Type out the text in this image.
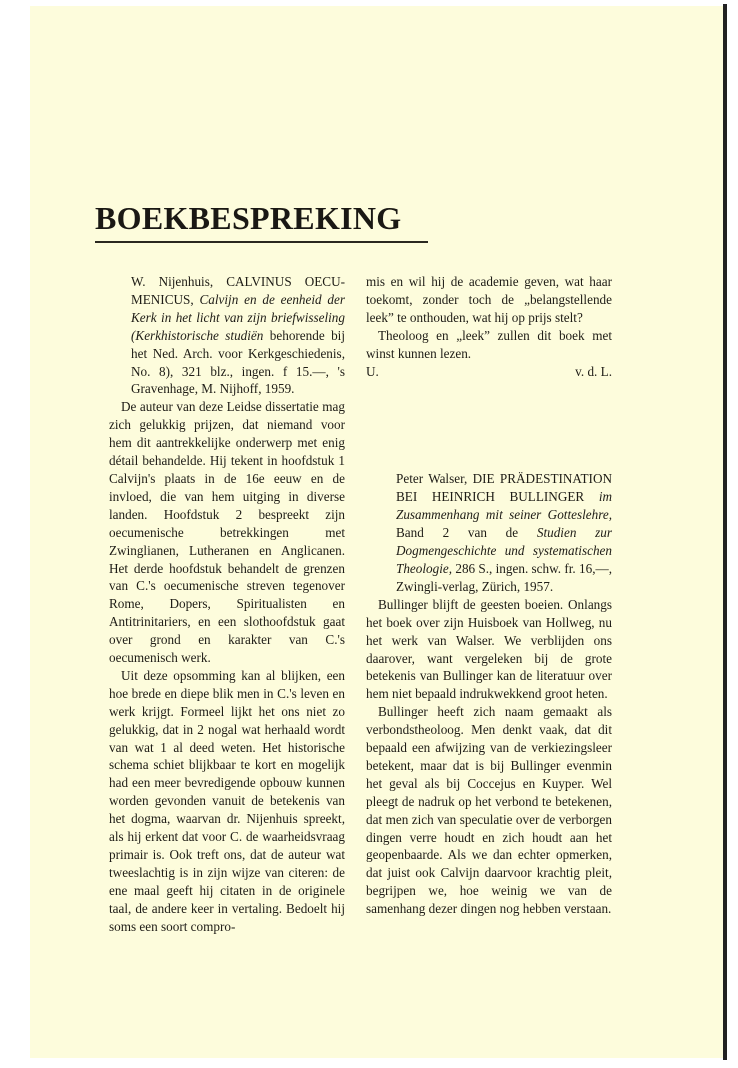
BOEKBESPREKING

W. Nijenhuis, CALVINUS OECU-MENICUS, Calvijn en de eenheid der Kerk in het licht van zijn briefwisseling (Kerkhistorische studiën behorende bij het Ned. Arch. voor Kerkgeschiedenis, No. 8), 321 blz., ingen. f 15.—, 's Gravenhage, M. Nijhoff, 1959.

De auteur van deze Leidse dissertatie mag zich gelukkig prijzen, dat niemand voor hem dit aantrekkelijke onderwerp met enig détail behandelde. Hij tekent in hoofdstuk 1 Calvijn's plaats in de 16e eeuw en de invloed, die van hem uitging in diverse landen. Hoofdstuk 2 bespreekt zijn oecumenische betrekkingen met Zwinglianen, Lutheranen en Anglicanen. Het derde hoofdstuk behandelt de grenzen van C.'s oecumenische streven tegenover Rome, Dopers, Spiritualisten en Antitrinitariers, en een slothoofdstuk gaat over grond en karakter van C.'s oecumenisch werk.

Uit deze opsomming kan al blijken, een hoe brede en diepe blik men in C.'s leven en werk krijgt. Formeel lijkt het ons niet zo gelukkig, dat in 2 nogal wat herhaald wordt van wat 1 al deed weten. Het historische schema schiet blijkbaar te kort en mogelijk had een meer bevredigende opbouw kunnen worden gevonden vanuit de betekenis van het dogma, waarvan dr. Nijenhuis spreekt, als hij erkent dat voor C. de waarheidsvraag primair is. Ook treft ons, dat de auteur wat tweeslachtig is in zijn wijze van citeren: de ene maal geeft hij citaten in de originele taal, de andere keer in vertaling. Bedoelt hij soms een soort compro-

mis en wil hij de academie geven, wat haar toekomt, zonder toch de „belangstellende leek” te onthouden, wat hij op prijs stelt?

Theoloog en „leek” zullen dit boek met winst kunnen lezen.

U.	v. d. L.

Peter Walser, DIE PRÄDESTINATION BEI HEINRICH BULLINGER im Zusammenhang mit seiner Gotteslehre, Band 2 van de Studien zur Dogmengeschichte und systematischen Theologie, 286 S., ingen. schw. fr. 16,—, Zwingli-verlag, Zürich, 1957.

Bullinger blijft de geesten boeien. Onlangs het boek over zijn Huisboek van Hollweg, nu het werk van Walser. We verblijden ons daarover, want vergeleken bij de grote betekenis van Bullinger kan de literatuur over hem niet bepaald indrukwekkend groot heten.

Bullinger heeft zich naam gemaakt als verbondstheoloog. Men denkt vaak, dat dit bepaald een afwijzing van de verkiezingsleer betekent, maar dat is bij Bullinger evenmin het geval als bij Coccejus en Kuyper. Wel pleegt de nadruk op het verbond te betekenen, dat men zich van speculatie over de verborgen dingen verre houdt en zich houdt aan het geopenbaarde. Als we dan echter opmerken, dat juist ook Calvijn daarvoor krachtig pleit, begrijpen we, hoe weinig we van de samenhang dezer dingen nog hebben verstaan.
